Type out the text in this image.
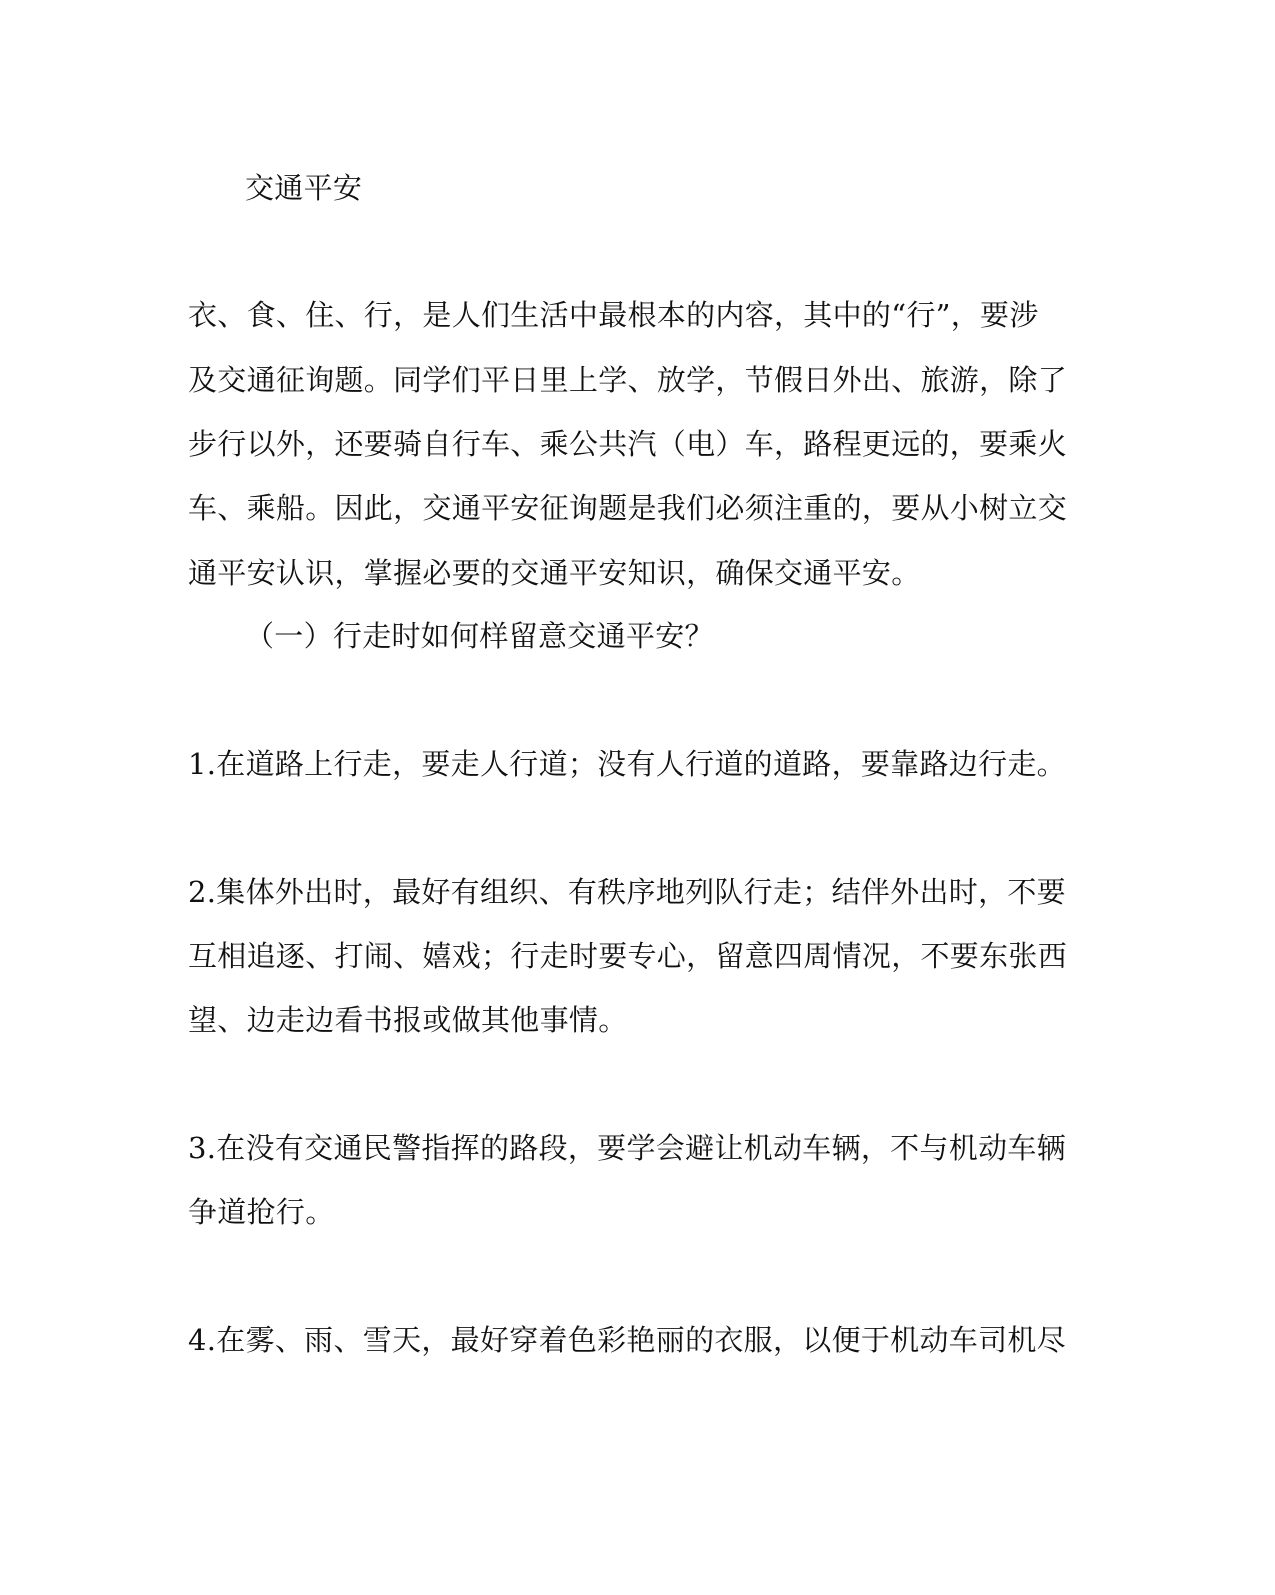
交通平安
衣、食、住、行，是人们生活中最根本的内容，其中的“行”，要涉
及交通征询题。同学们平日里上学、放学，节假日外出、旅游，除了
步行以外，还要骑自行车、乘公共汽（电）车，路程更远的，要乘火
车、乘船。因此，交通平安征询题是我们必须注重的，要从小树立交
通平安认识，掌握必要的交通平安知识，确保交通平安。
（一）行走时如何样留意交通平安？
1.在道路上行走，要走人行道；没有人行道的道路，要靠路边行走。
2.集体外出时，最好有组织、有秩序地列队行走；结伴外出时，不要
互相追逐、打闹、嬉戏；行走时要专心，留意四周情况，不要东张西
望、边走边看书报或做其他事情。
3.在没有交通民警指挥的路段，要学会避让机动车辆，不与机动车辆
争道抢行。
4.在雾、雨、雪天，最好穿着色彩艳丽的衣服，以便于机动车司机尽
